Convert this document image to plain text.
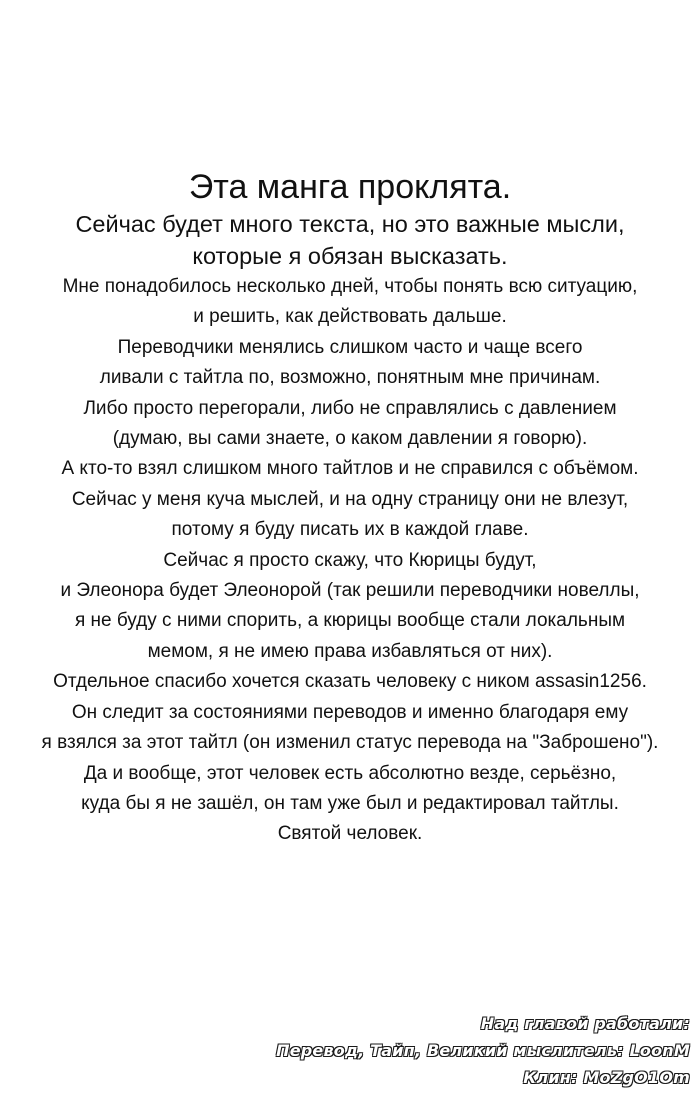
Эта манга проклята.

Сейчас будет много текста, но это важные мысли,

которые я обязан высказать.

Мне понадобилось несколько дней, чтобы понять всю ситуацию,

и решить, как действовать дальше.

Переводчики менялись слишком часто и чаще всего

ливали с тайтла по, возможно, понятным мне причинам.

Либо просто перегорали, либо не справлялись с давлением

(думаю, вы сами знаете, о каком давлении я говорю).

А кто-то взял слишком много тайтлов и не справился с объёмом.

Сейчас у меня куча мыслей, и на одну страницу они не влезут,

потому я буду писать их в каждой главе.

Сейчас я просто скажу, что Кюрицы будут,

и Элеонора будет Элеонорой (так решили переводчики новеллы,

я не буду с ними спорить, а кюрицы вообще стали локальным

мемом, я не имею права избавляться от них).

Отдельное спасибо хочется сказать человеку с ником assasin1256.

Он следит за состояниями переводов и именно благодаря ему

я взялся за этот тайтл (он изменил статус перевода на "Заброшено").

Да и вообще, этот человек есть абсолютно везде, серьёзно,

куда бы я не зашёл, он там уже был и редактировал тайтлы.

Святой человек.

Над главой работали:
Перевод, Тайп, Великий мыслитель: LoonM
Клин: MoZgO1Om
